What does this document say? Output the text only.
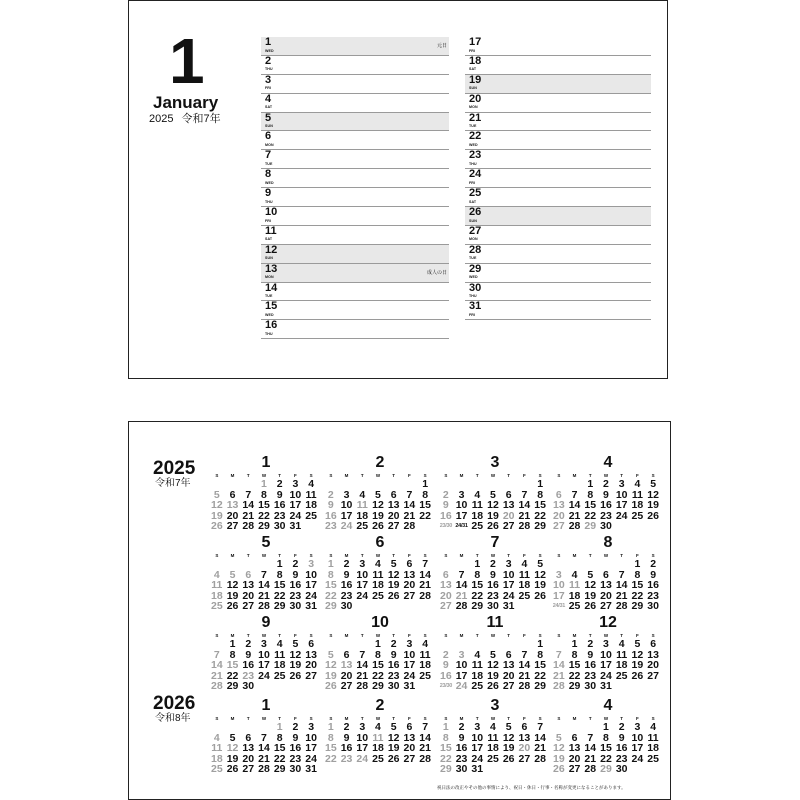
1
January
2025 令和7年
1
WED
元日
2
THU
3
FRI
4
SAT
5
SUN
6
MON
7
TUE
8
WED
9
THU
10
FRI
11
SAT
12
SUN
13
MON
成人の日
14
TUE
15
WED
16
THU
17
FRI
18
SAT
19
SUN
20
MON
21
TUE
22
WED
23
THU
24
FRI
25
SAT
26
SUN
27
MON
28
TUE
29
WED
30
THU
31
FRI
2025
令和7年
2026
令和8年
1
S	M	T	W	T	F	S
			1	2	3	4
5	6	7	8	9	10	11
12	13	14	15	16	17	18
19	20	21	22	23	24	25
26	27	28	29	30	31	
2
S	M	T	W	T	F	S
						1
2	3	4	5	6	7	8
9	10	11	12	13	14	15
16	17	18	19	20	21	22
23	24	25	26	27	28	
3
S	M	T	W	T	F	S
						1
2	3	4	5	6	7	8
9	10	11	12	13	14	15
16	17	18	19	20	21	22
23/30	24/31	25	26	27	28	29
4
S	M	T	W	T	F	S
		1	2	3	4	5
6	7	8	9	10	11	12
13	14	15	16	17	18	19
20	21	22	23	24	25	26
27	28	29	30			
5
S	M	T	W	T	F	S
				1	2	3
4	5	6	7	8	9	10
11	12	13	14	15	16	17
18	19	20	21	22	23	24
25	26	27	28	29	30	31
6
S	M	T	W	T	F	S
1	2	3	4	5	6	7
8	9	10	11	12	13	14
15	16	17	18	19	20	21
22	23	24	25	26	27	28
29	30					
7
S	M	T	W	T	F	S
		1	2	3	4	5
6	7	8	9	10	11	12
13	14	15	16	17	18	19
20	21	22	23	24	25	26
27	28	29	30	31		
8
S	M	T	W	T	F	S
					1	2
3	4	5	6	7	8	9
10	11	12	13	14	15	16
17	18	19	20	21	22	23
24/31	25	26	27	28	29	30
9
S	M	T	W	T	F	S
	1	2	3	4	5	6
7	8	9	10	11	12	13
14	15	16	17	18	19	20
21	22	23	24	25	26	27
28	29	30				
10
S	M	T	W	T	F	S
			1	2	3	4
5	6	7	8	9	10	11
12	13	14	15	16	17	18
19	20	21	22	23	24	25
26	27	28	29	30	31	
11
S	M	T	W	T	F	S
						1
2	3	4	5	6	7	8
9	10	11	12	13	14	15
16	17	18	19	20	21	22
23/30	24	25	26	27	28	29
12
S	M	T	W	T	F	S
	1	2	3	4	5	6
7	8	9	10	11	12	13
14	15	16	17	18	19	20
21	22	23	24	25	26	27
28	29	30	31			
1
S	M	T	W	T	F	S
				1	2	3
4	5	6	7	8	9	10
11	12	13	14	15	16	17
18	19	20	21	22	23	24
25	26	27	28	29	30	31
2
S	M	T	W	T	F	S
1	2	3	4	5	6	7
8	9	10	11	12	13	14
15	16	17	18	19	20	21
22	23	24	25	26	27	28
3
S	M	T	W	T	F	S
1	2	3	4	5	6	7
8	9	10	11	12	13	14
15	16	17	18	19	20	21
22	23	24	25	26	27	28
29	30	31				
4
S	M	T	W	T	F	S
			1	2	3	4
5	6	7	8	9	10	11
12	13	14	15	16	17	18
19	20	21	22	23	24	25
26	27	28	29	30		
祝日法の改正やその他の事情により、祝日・休日・行事・名称が変更になることがあります。
